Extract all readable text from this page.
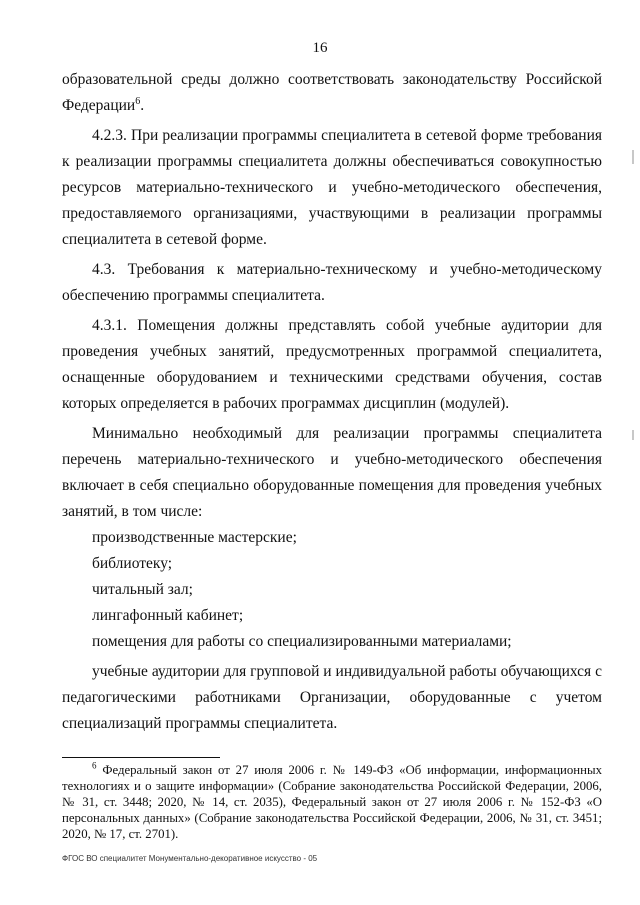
16

образовательной среды должно соответствовать законодательству Российской Федерации$^6$.

4.2.3. При реализации программы специалитета в сетевой форме требования к реализации программы специалитета должны обеспечиваться совокупностью ресурсов материально-технического и учебно-методического обеспечения, предоставляемого организациями, участвующими в реализации программы специалитета в сетевой форме.

4.3. Требования к материально-техническому и учебно-методическому обеспечению программы специалитета.

4.3.1. Помещения должны представлять собой учебные аудитории для проведения учебных занятий, предусмотренных программой специалитета, оснащенные оборудованием и техническими средствами обучения, состав которых определяется в рабочих программах дисциплин (модулей).

Минимально необходимый для реализации программы специалитета перечень материально-технического и учебно-методического обеспечения включает в себя специально оборудованные помещения для проведения учебных занятий, в том числе:

производственные мастерские;

библиотеку;

читальный зал;

лингафонный кабинет;

помещения для работы со специализированными материалами;

учебные аудитории для групповой и индивидуальной работы обучающихся с педагогическими работниками Организации, оборудованные с учетом специализаций программы специалитета.

$^6$ Федеральный закон от 27 июля 2006 г. № 149-ФЗ «Об информации, информационных технологиях и о защите информации» (Собрание законодательства Российской Федерации, 2006, № 31, ст. 3448; 2020, № 14, ст. 2035), Федеральный закон от 27 июля 2006 г. № 152-ФЗ «О персональных данных» (Собрание законодательства Российской Федерации, 2006, № 31, ст. 3451; 2020, № 17, ст. 2701).

ФГОС ВО специалитет Монументально-декоративное искусство - 05
